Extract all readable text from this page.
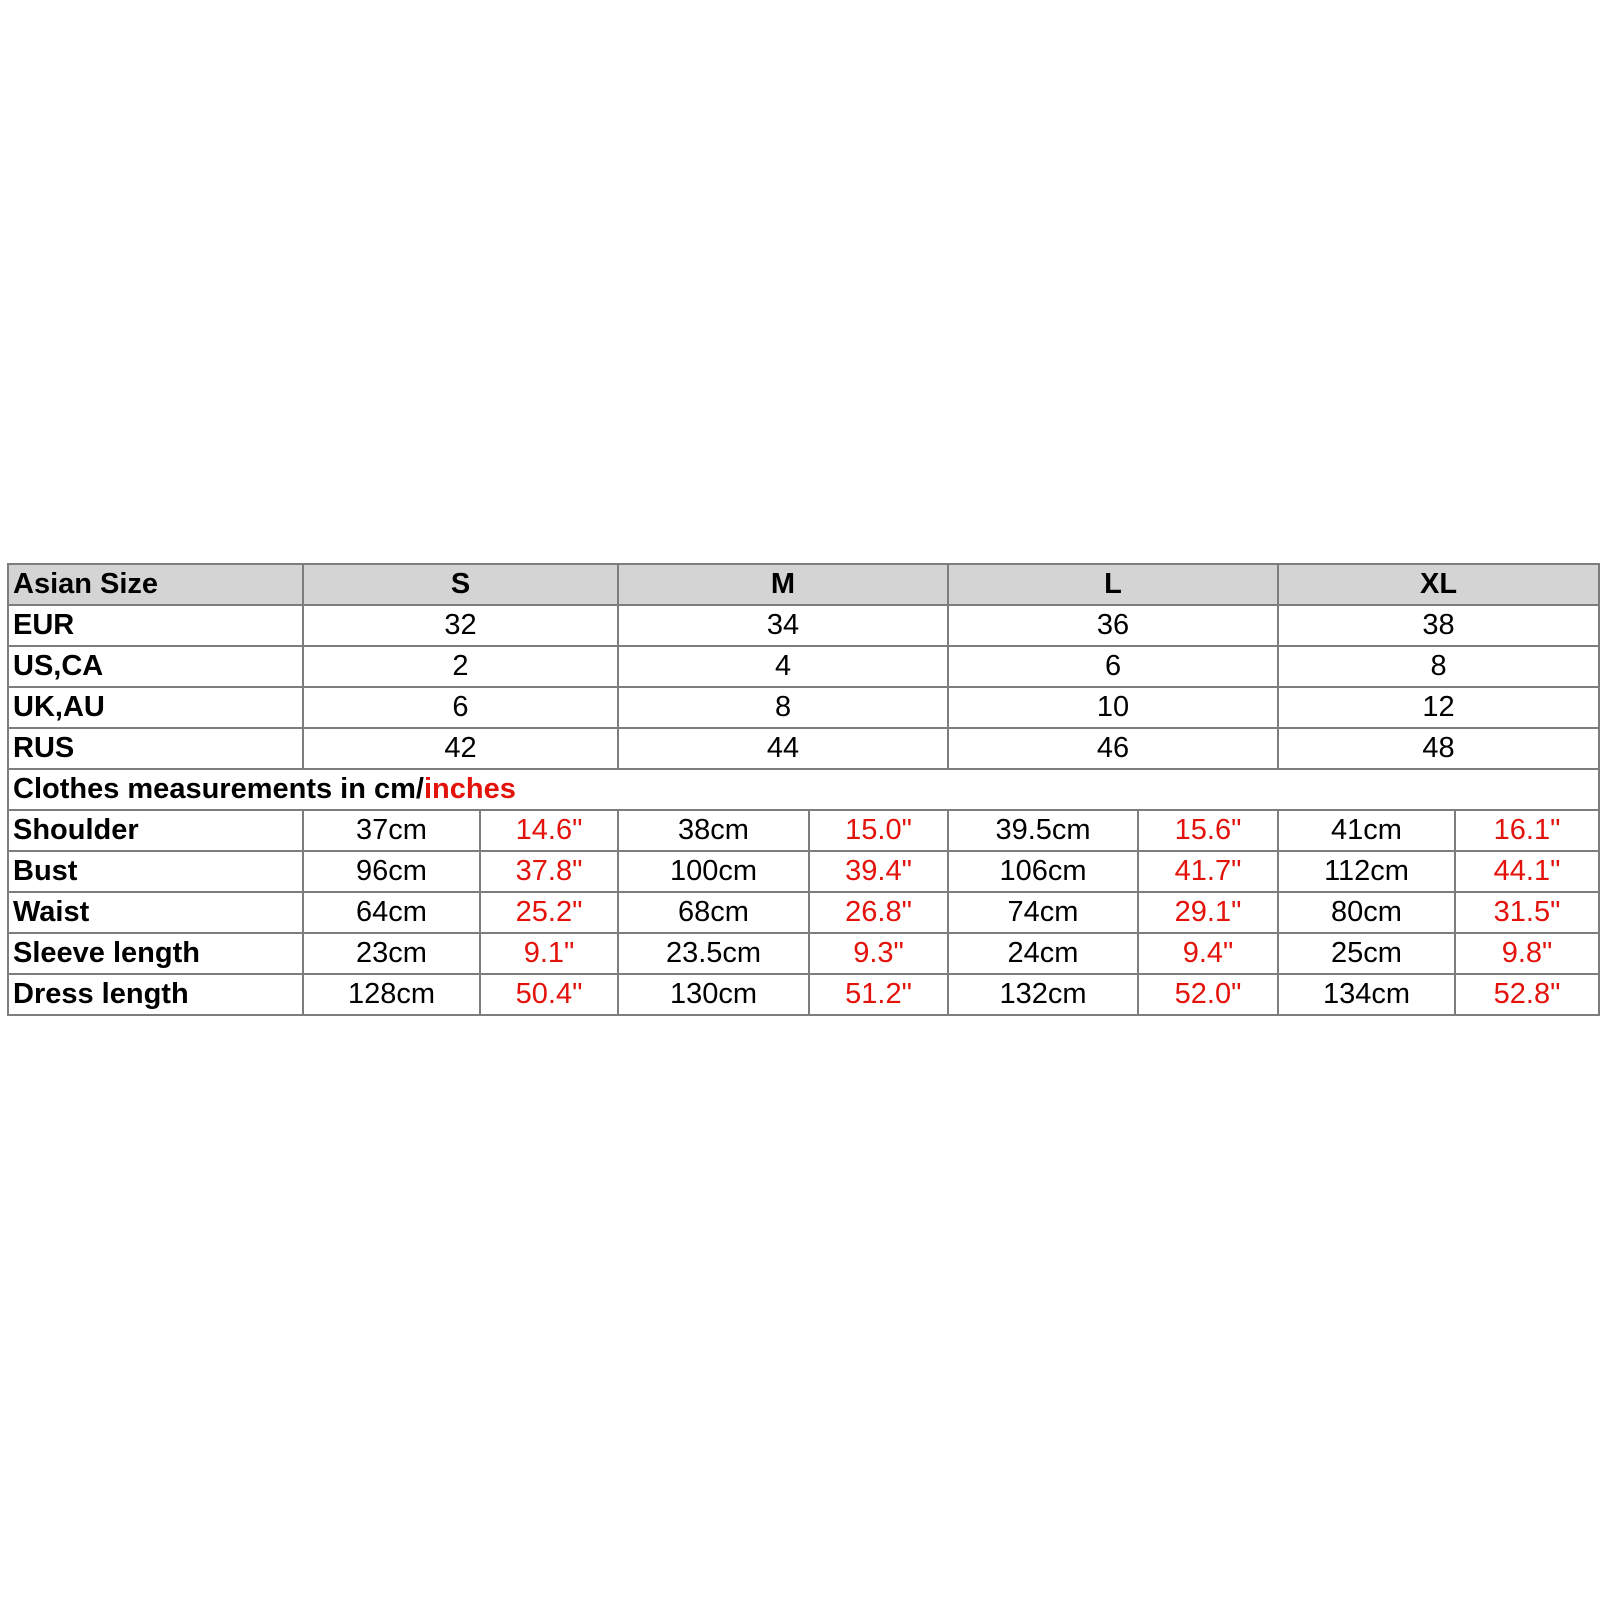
Asian Size	S		M		L		XL	
EUR	32		34		36		38	
US,CA	2		4		6		8	
UK,AU	6		8		10		12	
RUS	42		44		46		48	
Clothes measurements in cm/inches								
Shoulder	37cm	14.6"	38cm	15.0"	39.5cm	15.6"	41cm	16.1"
Bust	96cm	37.8"	100cm	39.4"	106cm	41.7"	112cm	44.1"
Waist	64cm	25.2"	68cm	26.8"	74cm	29.1"	80cm	31.5"
Sleeve length	23cm	9.1"	23.5cm	9.3"	24cm	9.4"	25cm	9.8"
Dress length	128cm	50.4"	130cm	51.2"	132cm	52.0"	134cm	52.8"
